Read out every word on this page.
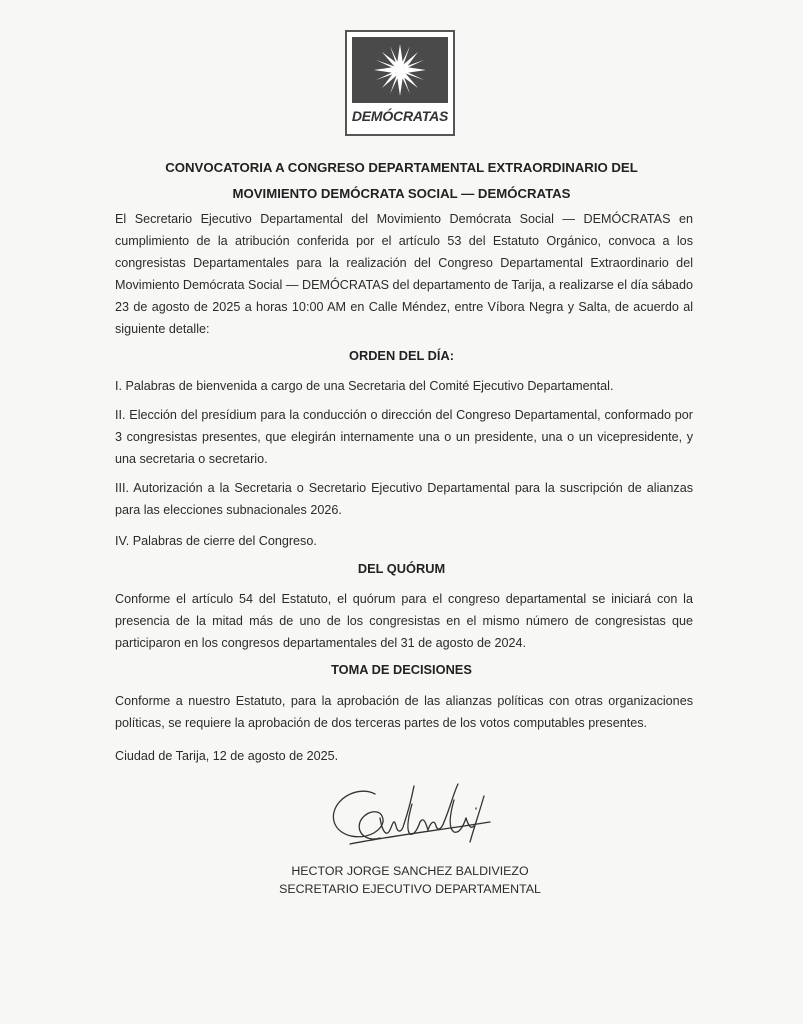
DEMÓCRATAS
CONVOCATORIA A CONGRESO DEPARTAMENTAL EXTRAORDINARIO DEL
MOVIMIENTO DEMÓCRATA SOCIAL — DEMÓCRATAS
El Secretario Ejecutivo Departamental del Movimiento Demócrata Social — DEMÓCRATAS en cumplimiento de la atribución conferida por el artículo 53 del Estatuto Orgánico, convoca a los congresistas Departamentales para la realización del Congreso Departamental Extraordinario del Movimiento Demócrata Social — DEMÓCRATAS del departamento de Tarija, a realizarse el día sábado 23 de agosto de 2025 a horas 10:00 AM en Calle Méndez, entre Víbora Negra y Salta, de acuerdo al siguiente detalle:
ORDEN DEL DÍA:
I. Palabras de bienvenida a cargo de una Secretaria del Comité Ejecutivo Departamental.
II. Elección del presídium para la conducción o dirección del Congreso Departamental, conformado por 3 congresistas presentes, que elegirán internamente una o un presidente, una o un vicepresidente, y una secretaria o secretario.
III. Autorización a la Secretaria o Secretario Ejecutivo Departamental para la suscripción de alianzas para las elecciones subnacionales 2026.
IV. Palabras de cierre del Congreso.
DEL QUÓRUM
Conforme el artículo 54 del Estatuto, el quórum para el congreso departamental se iniciará con la presencia de la mitad más de uno de los congresistas en el mismo número de congresistas que participaron en los congresos departamentales del 31 de agosto de 2024.
TOMA DE DECISIONES
Conforme a nuestro Estatuto, para la aprobación de las alianzas políticas con otras organizaciones políticas, se requiere la aprobación de dos terceras partes de los votos computables presentes.
Ciudad de Tarija, 12 de agosto de 2025.
HECTOR JORGE SANCHEZ BALDIVIEZO
SECRETARIO EJECUTIVO DEPARTAMENTAL
